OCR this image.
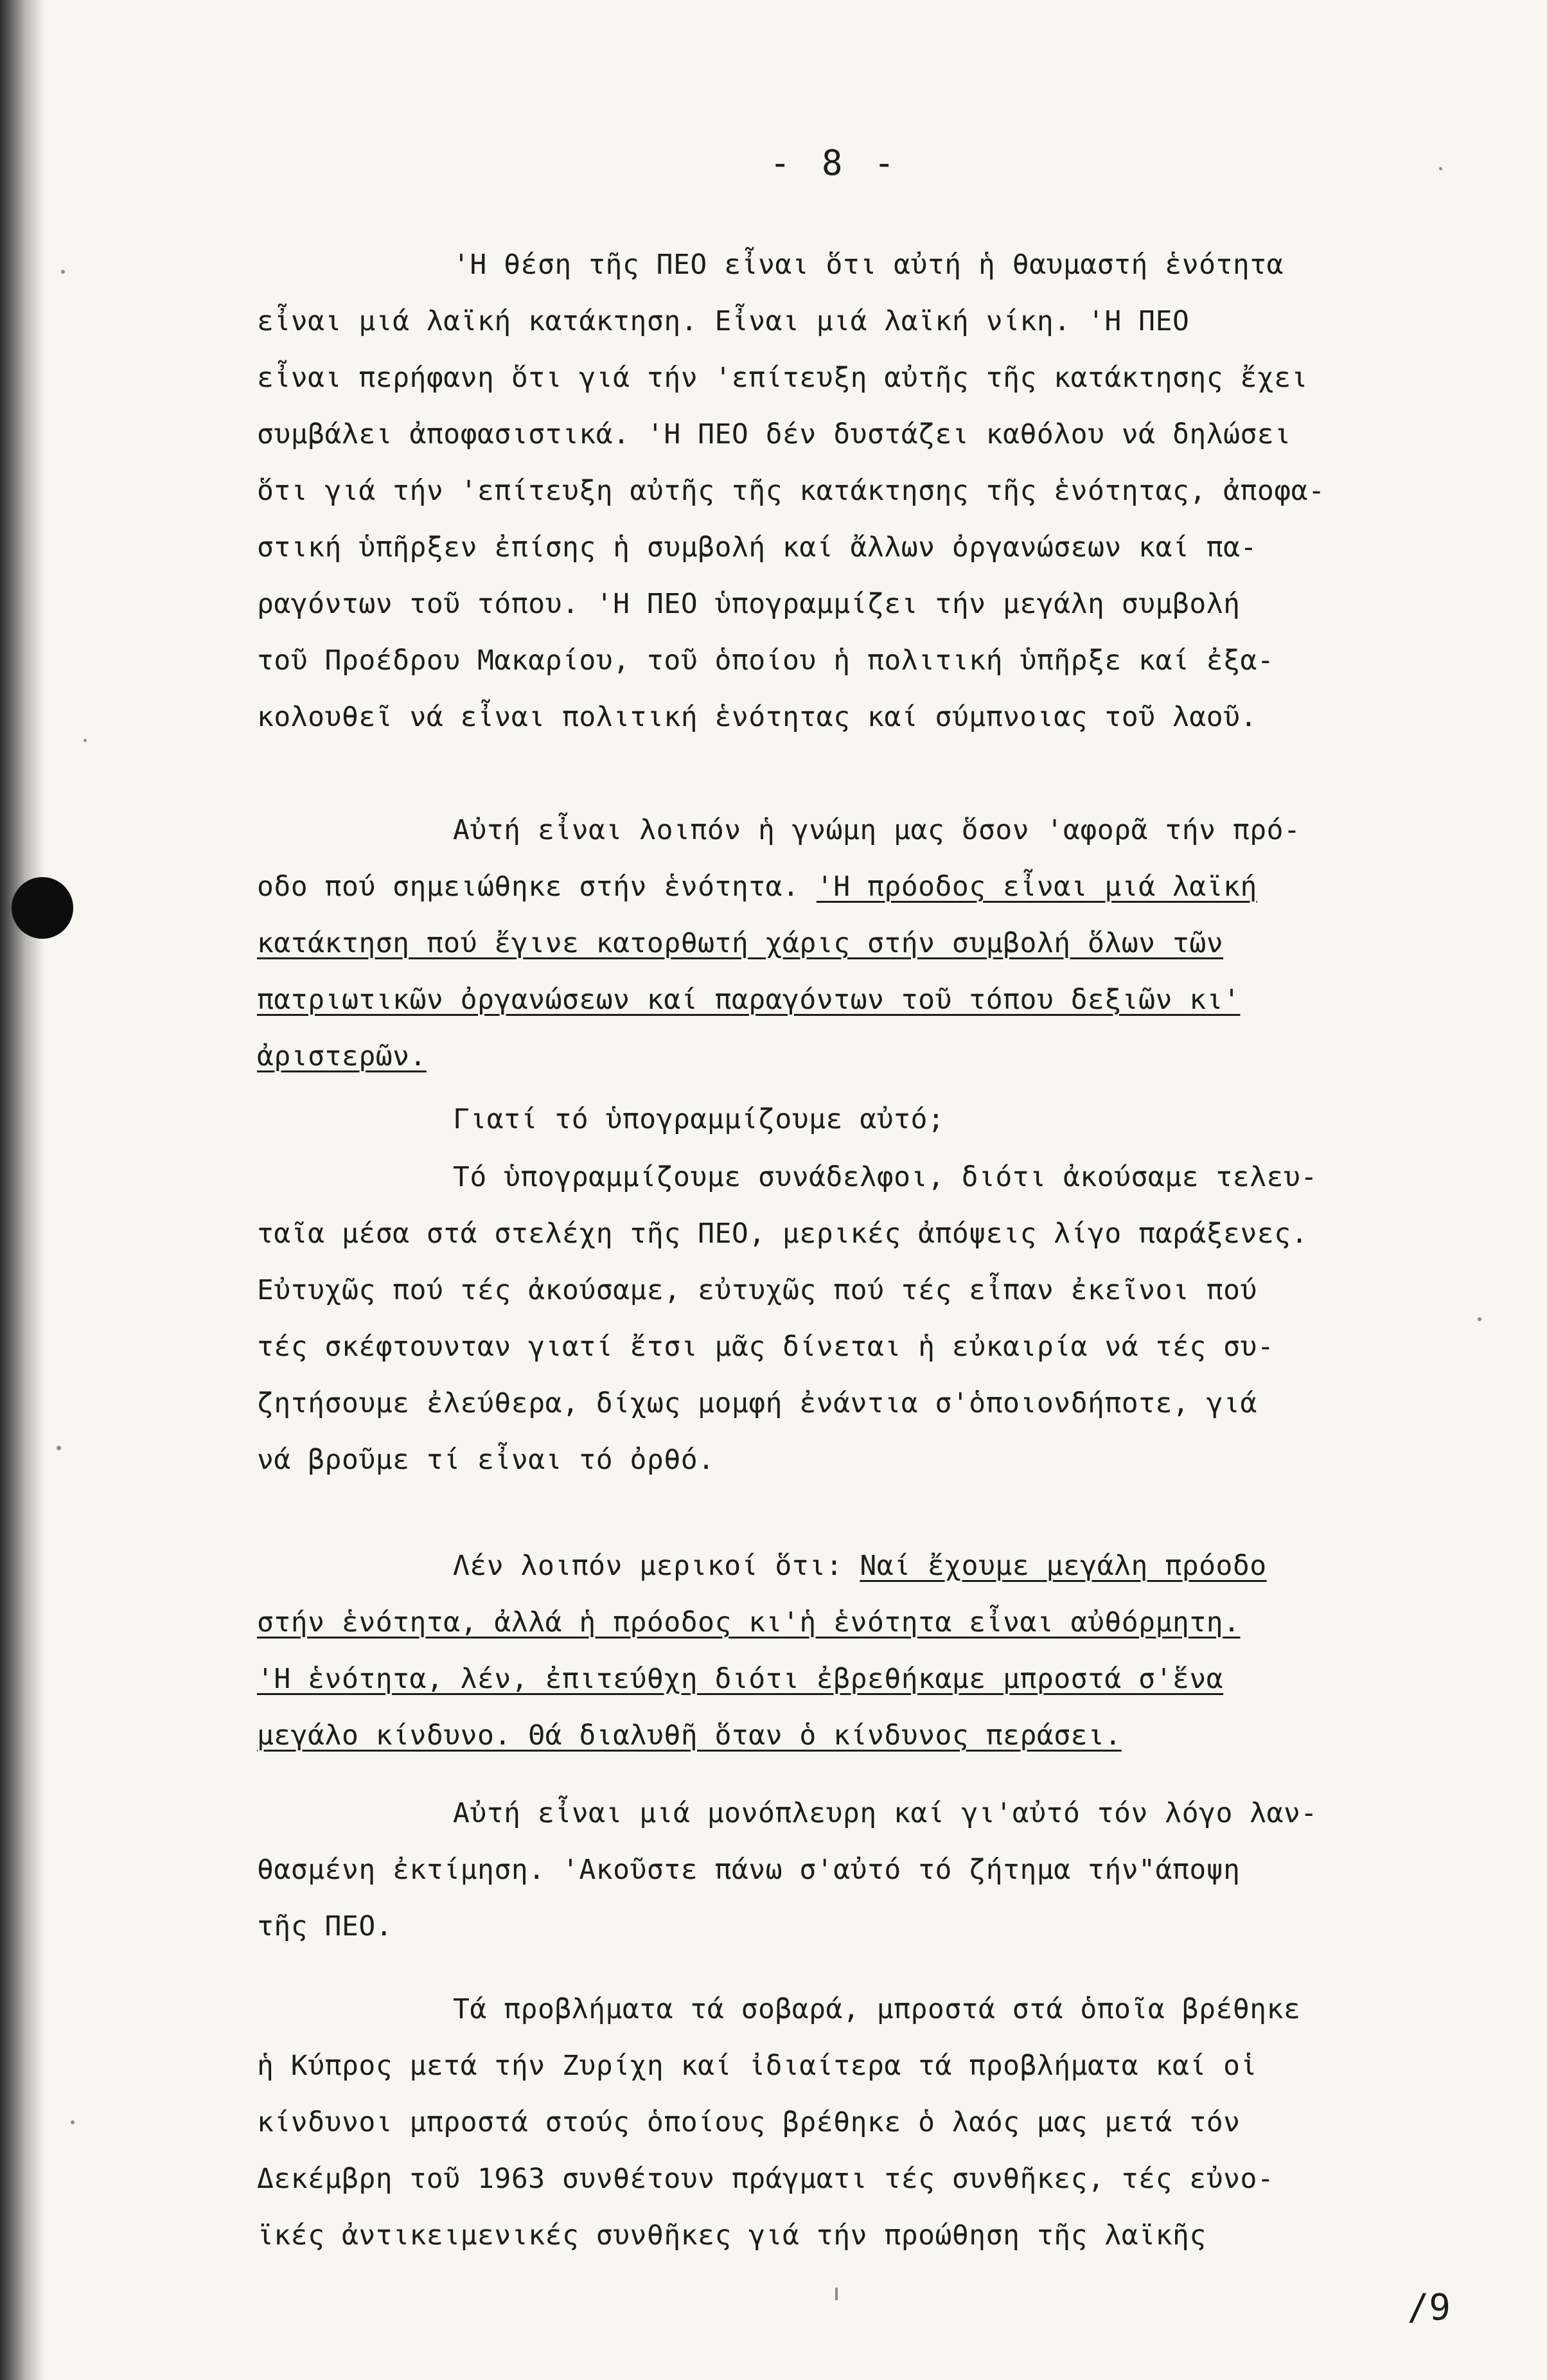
- 8 -
'Η θέση τῆς ΠΕΟ εἶναι ὅτι αὐτή ἡ θαυμαστή ἑνότητα
εἶναι μιά λαϊκή κατάκτηση. Εἶναι μιά λαϊκή νίκη. 'Η ΠΕΟ
εἶναι περήφανη ὅτι γιά τήν 'επίτευξη αὐτῆς τῆς κατάκτησης ἔχει
συμβάλει ἀποφασιστικά. 'Η ΠΕΟ δέν δυστάζει καθόλου νά δηλώσει
ὅτι γιά τήν 'επίτευξη αὐτῆς τῆς κατάκτησης τῆς ἑνότητας, ἀποφα-
στική ὑπῆρξεν ἐπίσης ἡ συμβολή καί ἄλλων ὀργανώσεων καί πα-
ραγόντων τοῦ τόπου. 'Η ΠΕΟ ὑπογραμμίζει τήν μεγάλη συμβολή
τοῦ Προέδρου Μακαρίου, τοῦ ὁποίου ἡ πολιτική ὑπῆρξε καί ἐξα-
κολουθεῖ νά εἶναι πολιτική ἑνότητας καί σύμπνοιας τοῦ λαοῦ.
Αὐτή εἶναι λοιπόν ἡ γνώμη μας ὅσον 'αφορᾶ τήν πρό-
οδο πού σημειώθηκε στήν ἑνότητα. 'Η πρόοδος εἶναι μιά λαϊκή
κατάκτηση πού ἔγινε κατορθωτή χάρις στήν συμβολή ὅλων τῶν
πατριωτικῶν ὀργανώσεων καί παραγόντων τοῦ τόπου δεξιῶν κι'
ἀριστερῶν.
Γιατί τό ὑπογραμμίζουμε αὐτό;
Τό ὑπογραμμίζουμε συνάδελφοι, διότι ἀκούσαμε τελευ-
ταῖα μέσα στά στελέχη τῆς ΠΕΟ, μερικές ἀπόψεις λίγο παράξενες.
Εὐτυχῶς πού τές ἀκούσαμε, εὐτυχῶς πού τές εἶπαν ἐκεῖνοι πού
τές σκέφτουνταν γιατί ἔτσι μᾶς δίνεται ἡ εὐκαιρία νά τές συ-
ζητήσουμε ἐλεύθερα, δίχως μομφή ἐνάντια σ'ὁποιονδήποτε, γιά
νά βροῦμε τί εἶναι τό ὀρθό.
Λέν λοιπόν μερικοί ὅτι: Ναί ἔχουμε μεγάλη πρόοδο
στήν ἑνότητα, ἀλλά ἡ πρόοδος κι'ἡ ἑνότητα εἶναι αὐθόρμητη.
'Η ἑνότητα, λέν, ἐπιτεύθχη διότι ἐβρεθήκαμε μπροστά σ'ἕνα
μεγάλο κίνδυνο. Θά διαλυθῆ ὅταν ὁ κίνδυνος περάσει.
Αὐτή εἶναι μιά μονόπλευρη καί γι'αὐτό τόν λόγο λαν-
θασμένη ἐκτίμηση. 'Ακοῦστε πάνω σ'αὐτό τό ζήτημα τήν"άποψη
τῆς ΠΕΟ.
Τά προβλήματα τά σοβαρά, μπροστά στά ὁποῖα βρέθηκε
ἡ Κύπρος μετά τήν Ζυρίχη καί ἰδιαίτερα τά προβλήματα καί οἱ
κίνδυνοι μπροστά στούς ὁποίους βρέθηκε ὁ λαός μας μετά τόν
Δεκέμβρη τοῦ 1963 συνθέτουν πράγματι τές συνθῆκες, τές εὐνο-
ϊκές ἀντικειμενικές συνθῆκες γιά τήν προώθηση τῆς λαϊκῆς
/9
